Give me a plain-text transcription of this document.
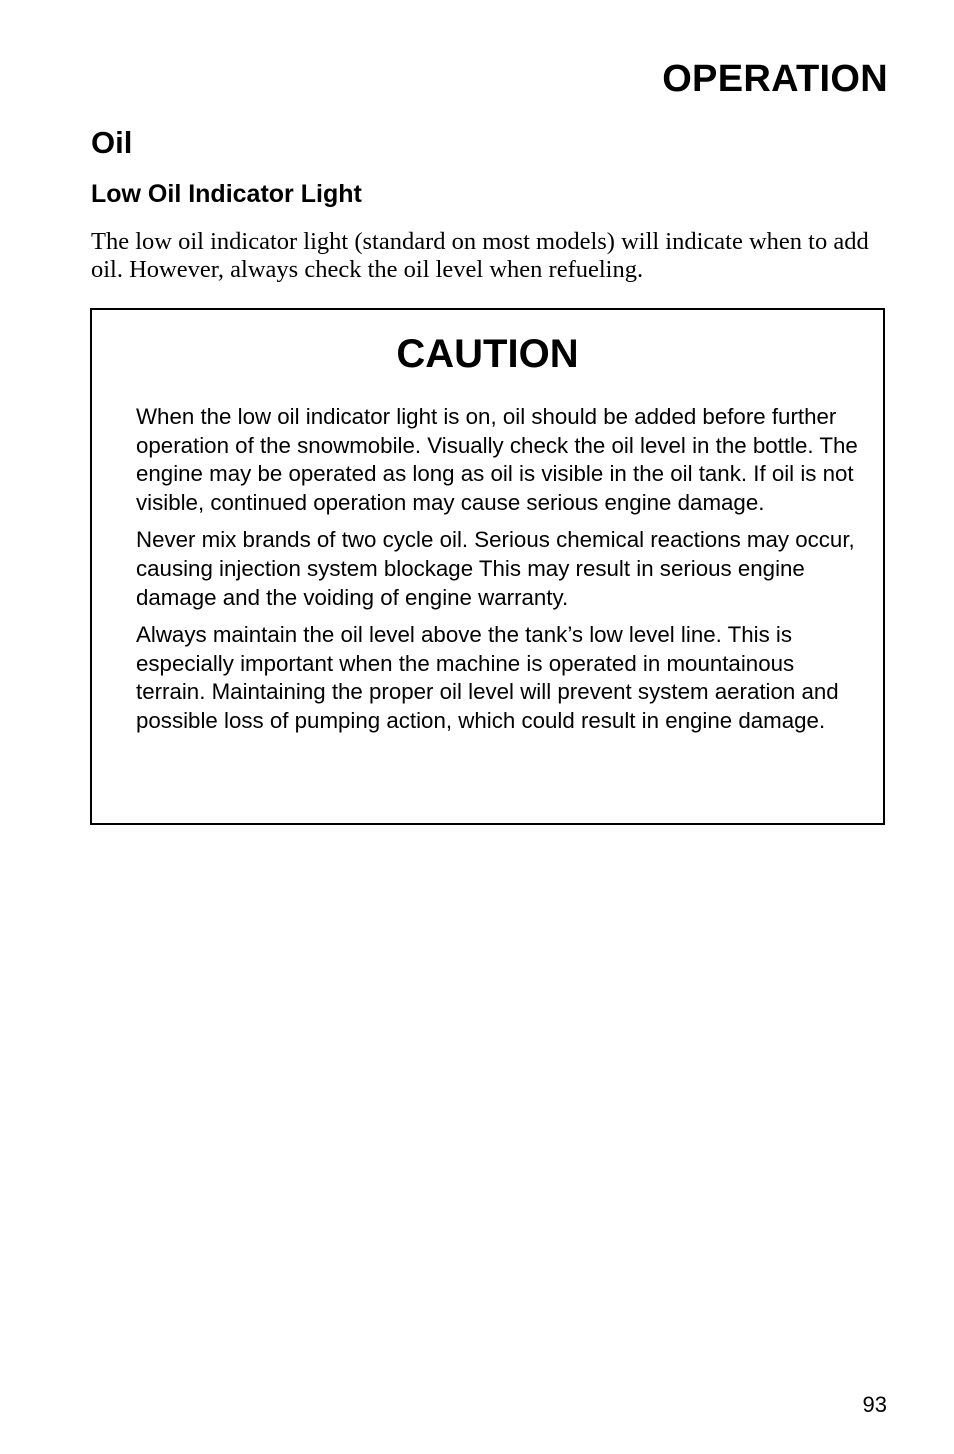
OPERATION
Oil
Low Oil Indicator Light

The low oil indicator light (standard on most models) will indicate when to add oil. However, always check the oil level when refueling.

CAUTION

When the low oil indicator light is on, oil should be added before further operation of the snowmobile. Visually check the oil level in the bottle. The engine may be operated as long as oil is visible in the oil tank. If oil is not visible, continued operation may cause serious engine damage.

Never mix brands of two cycle oil. Serious chemical reactions may occur, causing injection system blockage This may result in serious engine damage and the voiding of engine warranty.

Always maintain the oil level above the tank’s low level line. This is especially important when the machine is operated in mountainous terrain. Maintaining the proper oil level will prevent system aeration and possible loss of pumping action, which could result in engine damage.

93
